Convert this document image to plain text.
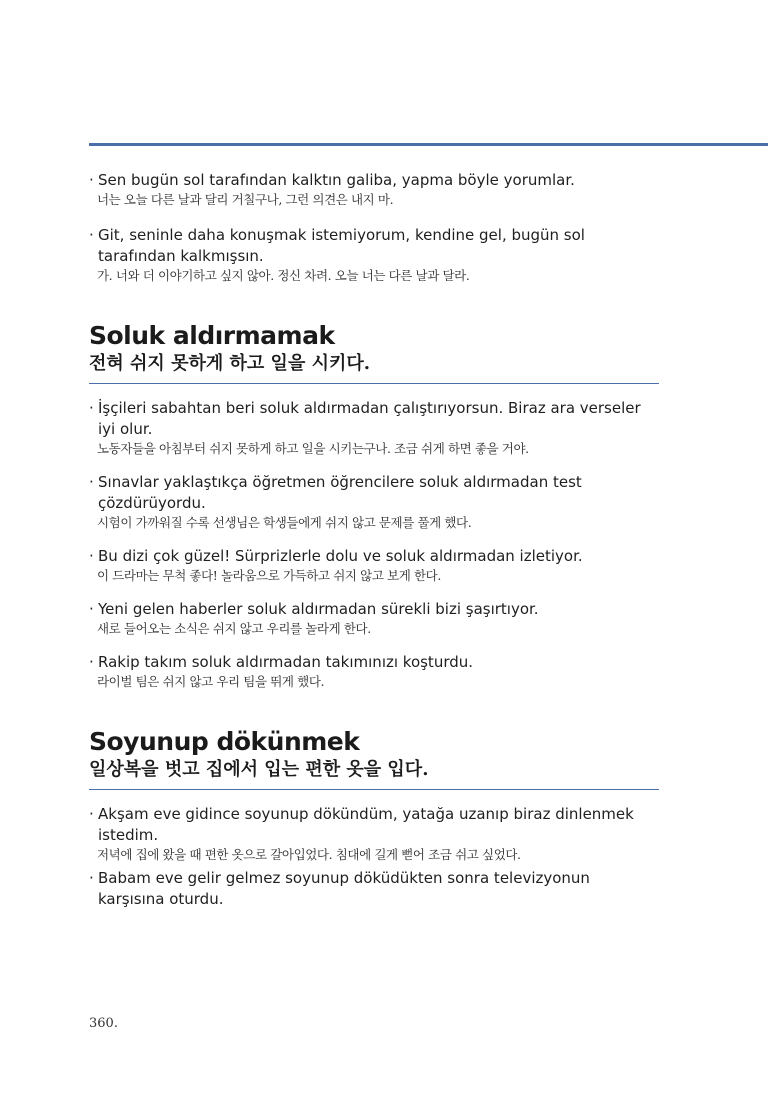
· Sen bugün sol tarafından kalktın galiba, yapma böyle yorumlar.
너는 오늘 다른 날과 달리 거칠구나, 그런 의견은 내지 마.
· Git, seninle daha konuşmak istemiyorum, kendine gel, bugün sol tarafından kalkmışsın.
가. 너와 더 이야기하고 싶지 않아. 정신 차려. 오늘 너는 다른 날과 달라.
Soluk aldırmamak
전혀 쉬지 못하게 하고 일을 시키다.
· İşçileri sabahtan beri soluk aldırmadan çalıştırıyorsun. Biraz ara verseler iyi olur.
노동자들을 아침부터 쉬지 못하게 하고 일을 시키는구나. 조금 쉬게 하면 좋을 거야.
· Sınavlar yaklaştıkça öğretmen öğrencilere soluk aldırmadan test çözdürüyordu.
시험이 가까워질 수록 선생님은 학생들에게 쉬지 않고 문제를 풀게 했다.
· Bu dizi çok güzel! Sürprizlerle dolu ve soluk aldırmadan izletiyor.
이 드라마는 무척 좋다! 놀라움으로 가득하고 쉬지 않고 보게 한다.
· Yeni gelen haberler soluk aldırmadan sürekli bizi şaşırtıyor.
새로 들어오는 소식은 쉬지 않고 우리를 놀라게 한다.
· Rakip takım soluk aldırmadan takımınızı koşturdu.
라이벌 팀은 쉬지 않고 우리 팀을 뛰게 했다.
Soyunup dökünmek
일상복을 벗고 집에서 입는 편한 옷을 입다.
· Akşam eve gidince soyunup dökündüm, yatağa uzanıp biraz dinlenmek istedim.
저녁에 집에 왔을 때 편한 옷으로 갈아입었다. 침대에 길게 뻗어 조금 쉬고 싶었다.
· Babam eve gelir gelmez soyunup döküdükten sonra televizyonun karşısına oturdu.
360.
